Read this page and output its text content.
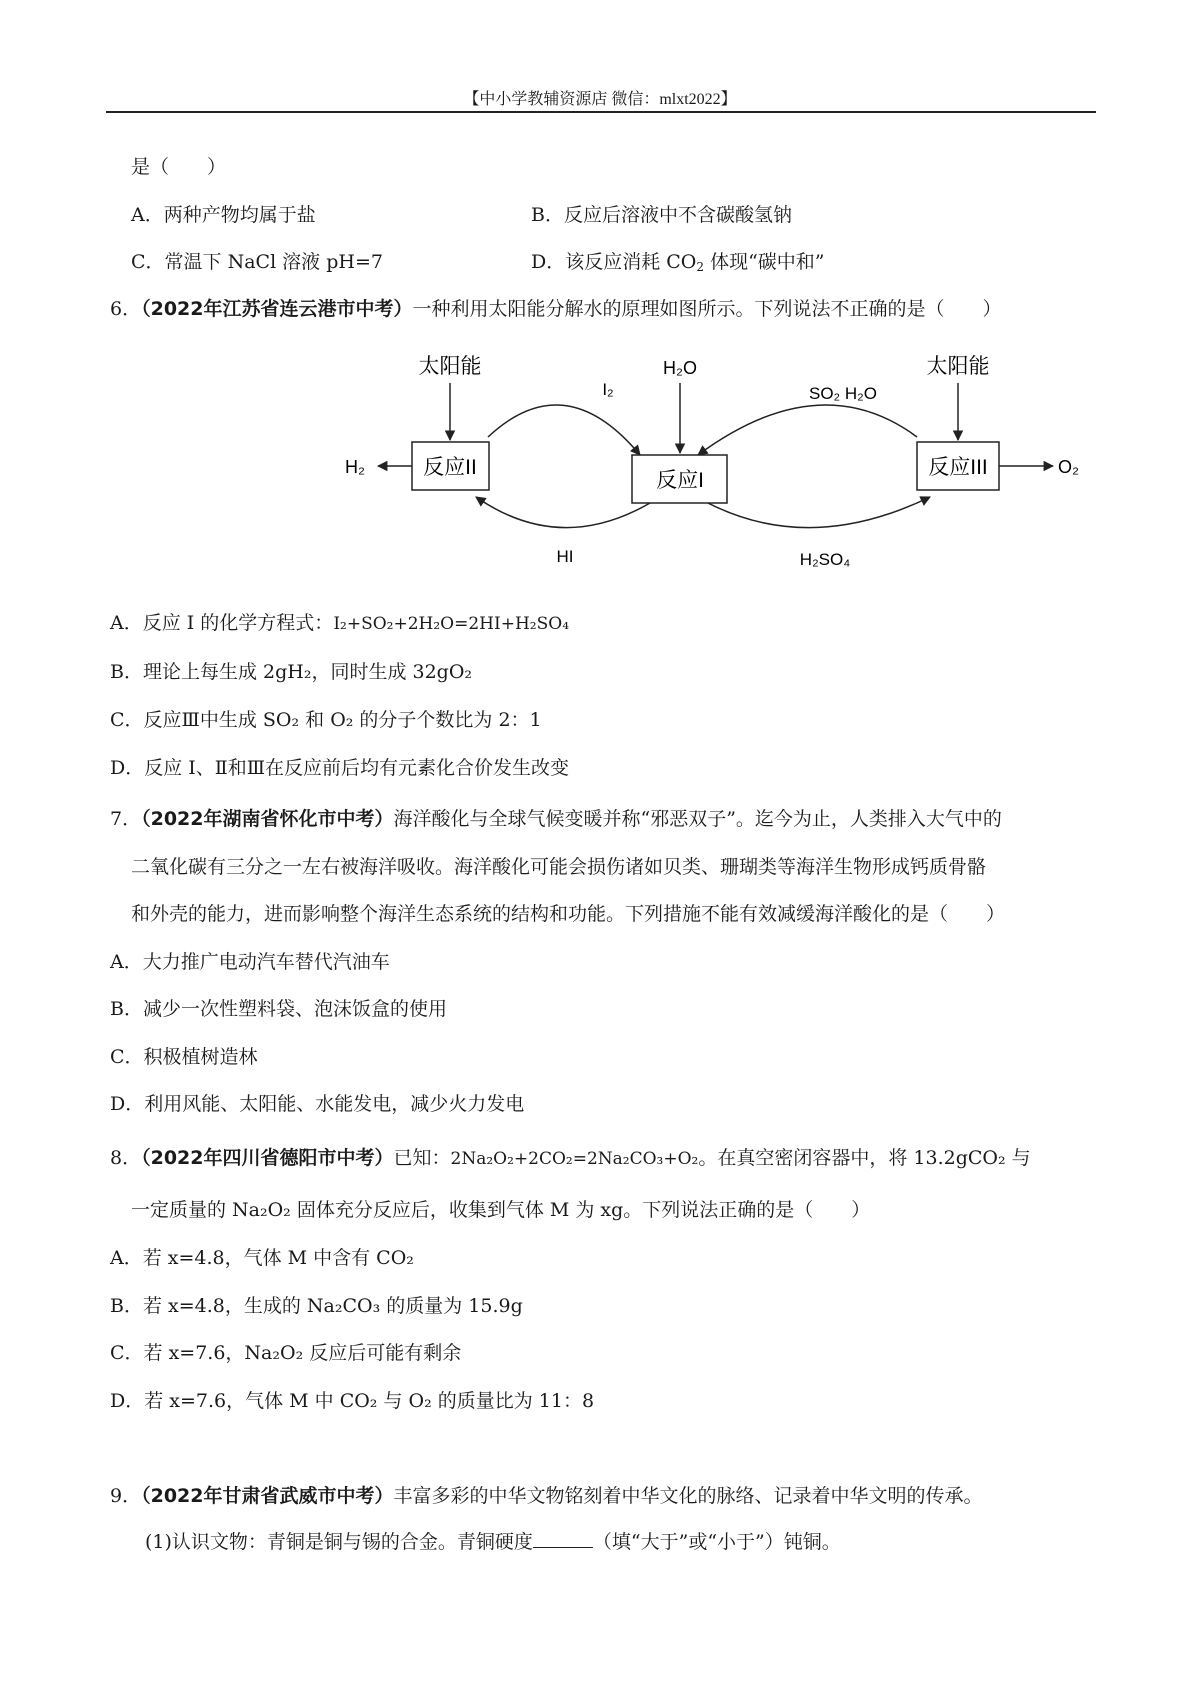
【中小学教辅资源店 微信：mlxt2022】
是（　　）
A．两种产物均属于盐	B．反应后溶液中不含碳酸氢钠
C．常温下 NaCl 溶液 pH=7	D．该反应消耗 $CO_2$ 体现“碳中和”
6．（2022年江苏省连云港市中考）一种利用太阳能分解水的原理如图所示。下列说法不正确的是（　　）
太阳能	H₂O	太阳能
I₂	SO₂ H₂O
反应II
反应I
反应III
H₂	O₂
HI	H₂SO₄
A．反应 I 的化学方程式：I₂+SO₂+2H₂O=2HI+H₂SO₄
B．理论上每生成 2gH₂，同时生成 32gO₂
C．反应Ⅲ中生成 SO₂ 和 O₂ 的分子个数比为 2：1
D．反应 I、Ⅱ和Ⅲ在反应前后均有元素化合价发生改变
7．（2022年湖南省怀化市中考）海洋酸化与全球气候变暖并称“邪恶双子”。迄今为止，人类排入大气中的
二氧化碳有三分之一左右被海洋吸收。海洋酸化可能会损伤诸如贝类、珊瑚类等海洋生物形成钙质骨骼
和外壳的能力，进而影响整个海洋生态系统的结构和功能。下列措施不能有效减缓海洋酸化的是（　　）
A．大力推广电动汽车替代汽油车
B．减少一次性塑料袋、泡沫饭盒的使用
C．积极植树造林
D．利用风能、太阳能、水能发电，减少火力发电
8．（2022年四川省德阳市中考）已知：2Na₂O₂+2CO₂=2Na₂CO₃+O₂。在真空密闭容器中，将 13.2gCO₂ 与
一定质量的 Na₂O₂ 固体充分反应后，收集到气体 M 为 xg。下列说法正确的是（　　）
A．若 x=4.8，气体 M 中含有 CO₂
B．若 x=4.8，生成的 Na₂CO₃ 的质量为 15.9g
C．若 x=7.6，Na₂O₂ 反应后可能有剩余
D．若 x=7.6，气体 M 中 CO₂ 与 O₂ 的质量比为 11：8
9．（2022年甘肃省武威市中考）丰富多彩的中华文物铭刻着中华文化的脉络、记录着中华文明的传承。
(1)认识文物：青铜是铜与锡的合金。青铜硬度	（填“大于”或“小于”）钝铜。
